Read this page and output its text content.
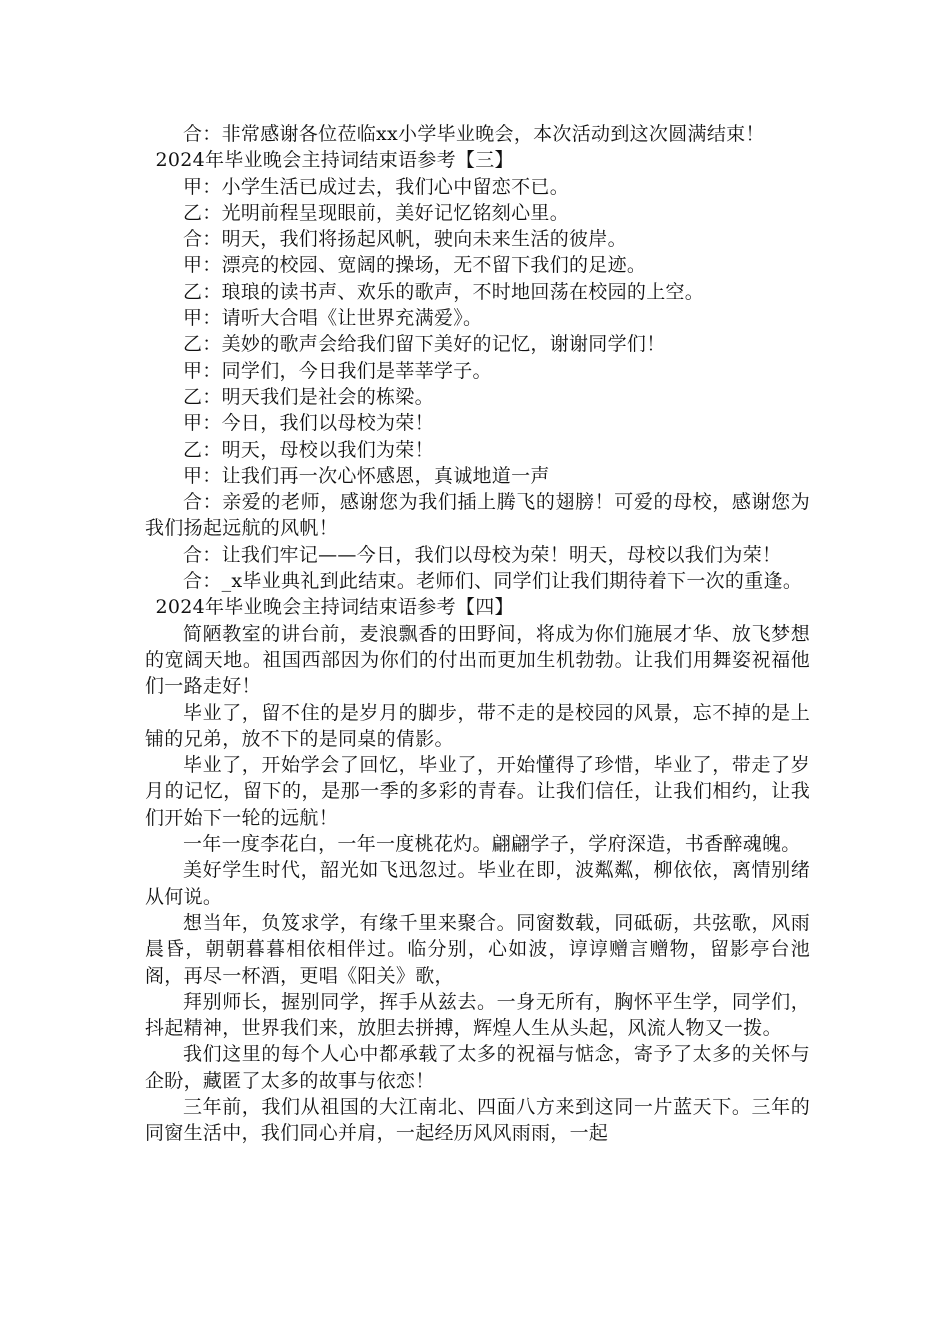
合：非常感谢各位莅临xx小学毕业晚会，本次活动到这次圆满结束！

2024年毕业晚会主持词结束语参考【三】

甲：小学生活已成过去，我们心中留恋不已。

乙：光明前程呈现眼前，美好记忆铭刻心里。

合：明天，我们将扬起风帆，驶向未来生活的彼岸。

甲：漂亮的校园、宽阔的操场，无不留下我们的足迹。

乙：琅琅的读书声、欢乐的歌声，不时地回荡在校园的上空。

甲：请听大合唱《让世界充满爱》。

乙：美妙的歌声会给我们留下美好的记忆，谢谢同学们！

甲：同学们，今日我们是莘莘学子。

乙：明天我们是社会的栋梁。

甲：今日，我们以母校为荣！

乙：明天，母校以我们为荣！

甲：让我们再一次心怀感恩，真诚地道一声

合：亲爱的老师，感谢您为我们插上腾飞的翅膀！可爱的母校，感谢您为我们扬起远航的风帆！

合：让我们牢记——今日，我们以母校为荣！明天，母校以我们为荣！

合：_x毕业典礼到此结束。老师们、同学们让我们期待着下一次的重逢。

2024年毕业晚会主持词结束语参考【四】

简陋教室的讲台前，麦浪飘香的田野间，将成为你们施展才华、放飞梦想的宽阔天地。祖国西部因为你们的付出而更加生机勃勃。让我们用舞姿祝福他们一路走好！

毕业了，留不住的是岁月的脚步，带不走的是校园的风景，忘不掉的是上铺的兄弟，放不下的是同桌的倩影。

毕业了，开始学会了回忆，毕业了，开始懂得了珍惜，毕业了，带走了岁月的记忆，留下的，是那一季的多彩的青春。让我们信任，让我们相约，让我们开始下一轮的远航！

一年一度李花白，一年一度桃花灼。翩翩学子，学府深造，书香醉魂魄。

美好学生时代，韶光如飞迅忽过。毕业在即，波粼粼，柳依依，离情别绪从何说。

想当年，负笈求学，有缘千里来聚合。同窗数载，同砥砺，共弦歌，风雨晨昏，朝朝暮暮相依相伴过。临分别，心如波，谆谆赠言赠物，留影亭台池阁，再尽一杯酒，更唱《阳关》歌，

拜别师长，握别同学，挥手从兹去。一身无所有，胸怀平生学，同学们，抖起精神，世界我们来，放胆去拼搏，辉煌人生从头起，风流人物又一拨。

我们这里的每个人心中都承载了太多的祝福与惦念，寄予了太多的关怀与企盼，藏匿了太多的故事与依恋！

三年前，我们从祖国的大江南北、四面八方来到这同一片蓝天下。三年的同窗生活中，我们同心并肩，一起经历风风雨雨，一起
